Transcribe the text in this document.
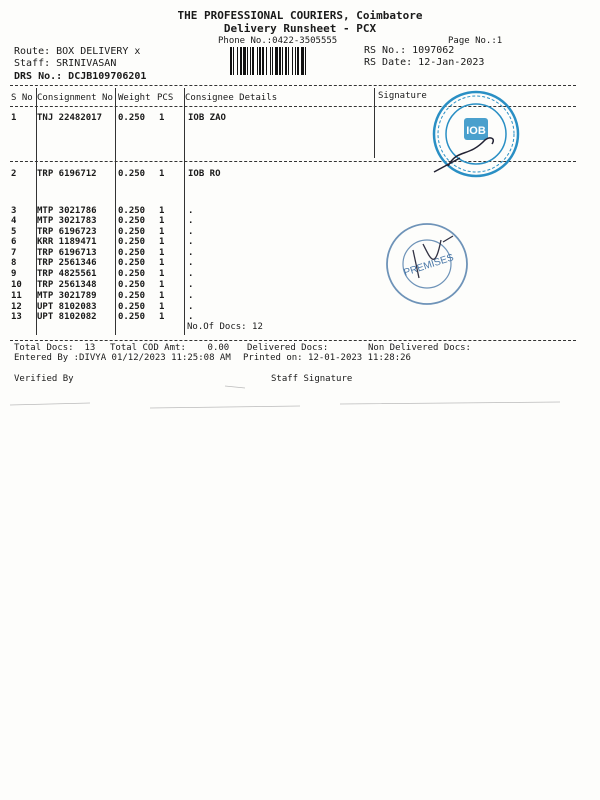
THE PROFESSIONAL COURIERS, Coimbatore
Delivery Runsheet - PCX
Phone No.:0422-3505555	Page No.:1
Route: BOX DELIVERY x
Staff: SRINIVASAN
DRS No.: DCJB109706201
RS No.: 1097062
RS Date: 12-Jan-2023
S No Consignment No Weight PCS Consignee Details	Signature
1 TNJ 22482017 0.250 1	IOB ZAO
2 TRP 6196712 0.250 1	IOB RO
3 MTP 3021786 0.250 1	.
4 MTP 3021783 0.250 1	.
5 TRP 6196723 0.250 1	.
6 KRR 1189471 0.250 1	.
7 TRP 6196713 0.250 1	.
8 TRP 2561346 0.250 1	.
9 TRP 4825561 0.250 1	.
10 TRP 2561348 0.250 1	.
11 MTP 3021789 0.250 1	.
12 UPT 8102083 0.250 1	.
13 UPT 8102082 0.250 1	.
No.Of Docs: 12
Total Docs:  13 Total COD Amt:    0.00 Delivered Docs:	Non Delivered Docs:
Entered By :DIVYA 01/12/2023 11:25:08 AM Printed on: 12-01-2023 11:28:26
Verified By	Staff Signature
IOB
PREMISES
